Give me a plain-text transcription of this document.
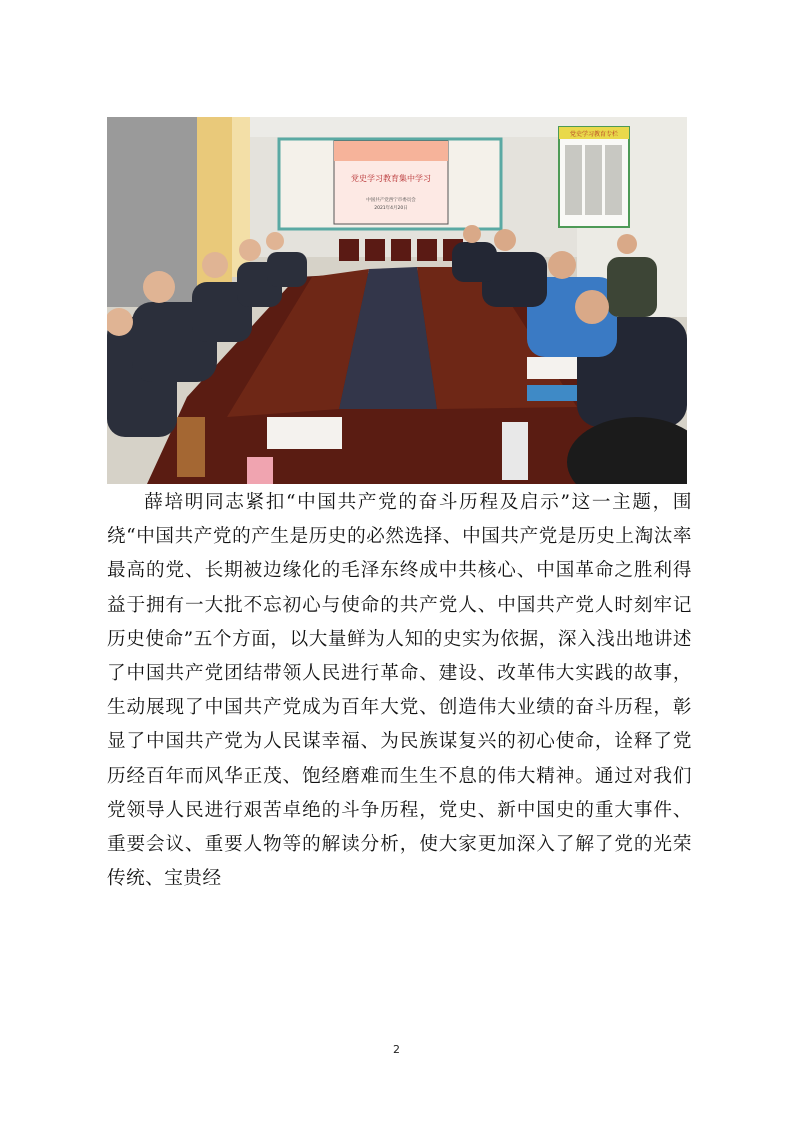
党史学习教育集中学习
中国共产党西宁市委员会
2021年4月20日
党史学习教育专栏

薛培明同志紧扣“中国共产党的奋斗历程及启示”这一主题，围绕“中国共产党的产生是历史的必然选择、中国共产党是历史上淘汰率最高的党、长期被边缘化的毛泽东终成中共核心、中国革命之胜利得益于拥有一大批不忘初心与使命的共产党人、中国共产党人时刻牢记历史使命”五个方面，以大量鲜为人知的史实为依据，深入浅出地讲述了中国共产党团结带领人民进行革命、建设、改革伟大实践的故事，生动展现了中国共产党成为百年大党、创造伟大业绩的奋斗历程，彰显了中国共产党为人民谋幸福、为民族谋复兴的初心使命，诠释了党历经百年而风华正茂、饱经磨难而生生不息的伟大精神。通过对我们党领导人民进行艰苦卓绝的斗争历程，党史、新中国史的重大事件、重要会议、重要人物等的解读分析，使大家更加深入了解了党的光荣传统、宝贵经

2
